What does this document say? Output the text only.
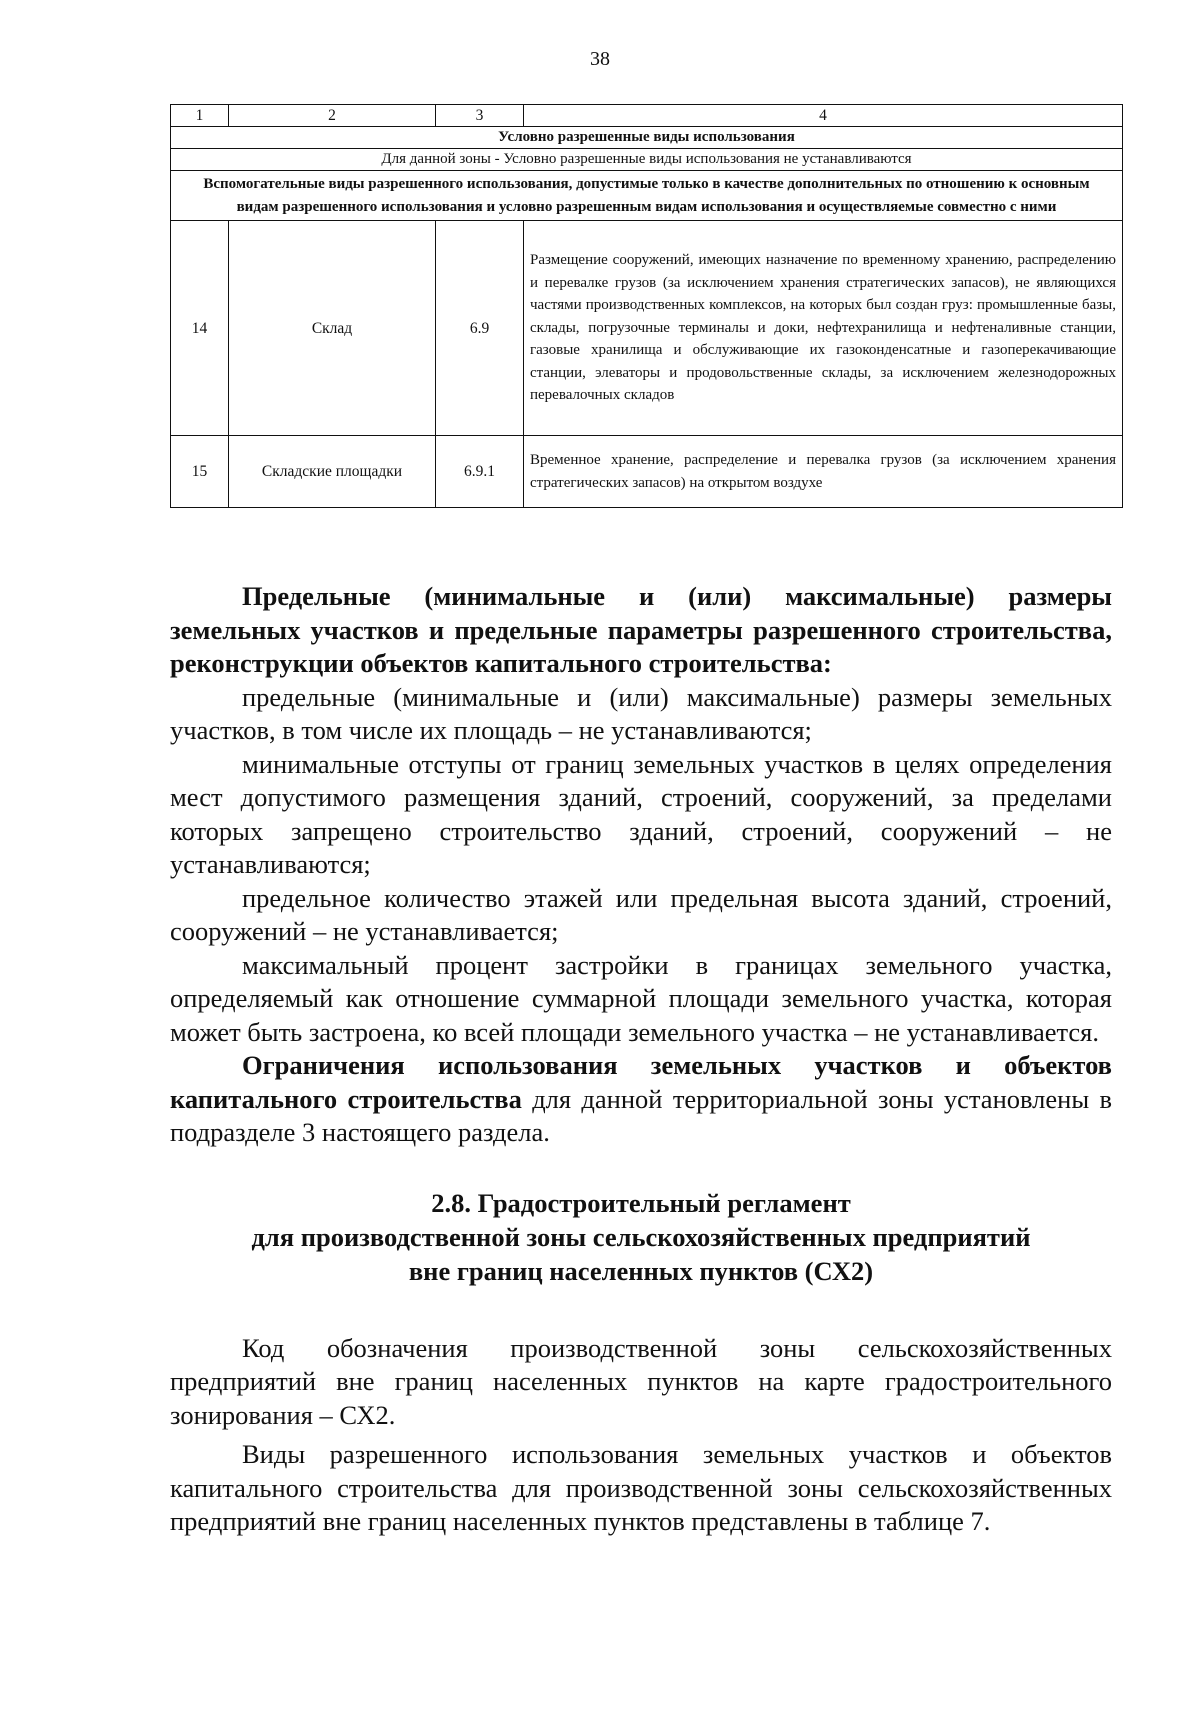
38
1	2	3	4
Условно разрешенные виды использования			
Для данной зоны - Условно разрешенные виды использования не устанавливаются			
Вспомогательные виды разрешенного использования, допустимые только в качестве дополнительных по отношению к основным видам разрешенного использования и условно разрешенным видам использования и осуществляемые совместно с ними			
14	Склад	6.9	Размещение сооружений, имеющих назначение по временному хранению, распределению и перевалке грузов (за исключением хранения стратегических запасов), не являющихся частями производственных комплексов, на которых был создан груз: промышленные базы, склады, погрузочные терминалы и доки, нефтехранилища и нефтеналивные станции, газовые хранилища и обслуживающие их газоконденсатные и газоперекачивающие станции, элеваторы и продовольственные склады, за исключением железнодорожных перевалочных складов
15	Складские площадки	6.9.1	Временное хранение, распределение и перевалка грузов (за исключением хранения стратегических запасов) на открытом воздухе

Предельные (минимальные и (или) максимальные) размеры земельных участков и предельные параметры разрешенного строительства, реконструкции объектов капитального строительства:

предельные (минимальные и (или) максимальные) размеры земельных участков, в том числе их площадь – не устанавливаются;

минимальные отступы от границ земельных участков в целях определения мест допустимого размещения зданий, строений, сооружений, за пределами которых запрещено строительство зданий, строений, сооружений – не устанавливаются;

предельное количество этажей или предельная высота зданий, строений, сооружений – не устанавливается;

максимальный процент застройки в границах земельного участка, определяемый как отношение суммарной площади земельного участка, которая может быть застроена, ко всей площади земельного участка – не устанавливается.

Ограничения использования земельных участков и объектов капитального строительства для данной территориальной зоны установлены в подразделе 3 настоящего раздела.

2.8. Градостроительный регламент
для производственной зоны сельскохозяйственных предприятий
вне границ населенных пунктов (СХ2)

Код обозначения производственной зоны сельскохозяйственных предприятий вне границ населенных пунктов на карте градостроительного зонирования – СХ2.

Виды разрешенного использования земельных участков и объектов капитального строительства для производственной зоны сельскохозяйственных предприятий вне границ населенных пунктов представлены в таблице 7.
